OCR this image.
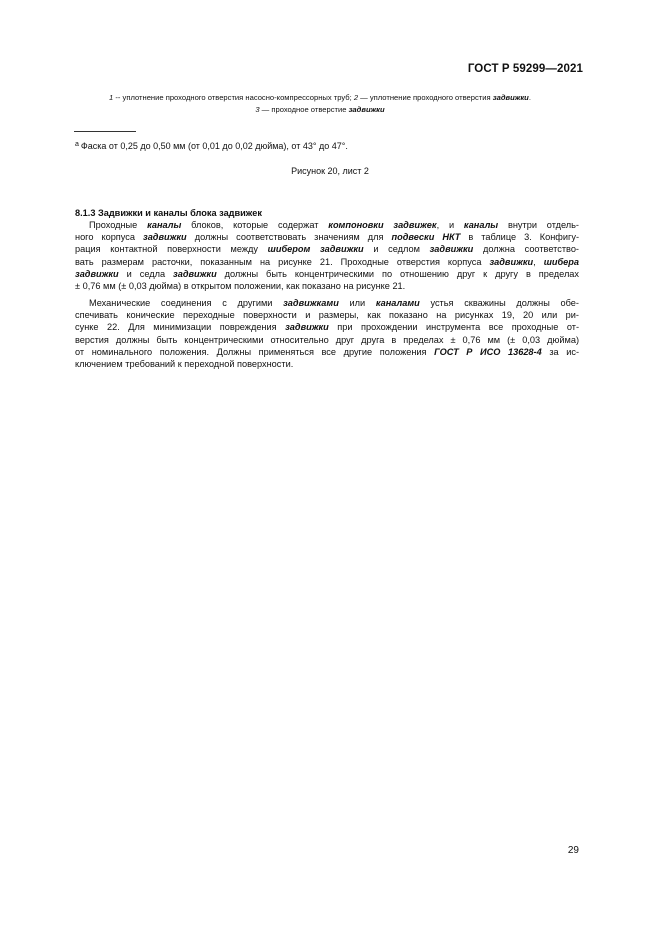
ГОСТ Р 59299—2021
1 -- уплотнение проходного отверстия насосно-компрессорных труб; 2 — уплотнение проходного отверстия задвижки.
3 — проходное отверстие задвижки
$^a$ Фаска от 0,25 до 0,50 мм (от 0,01 до 0,02 дюйма), от 43° до 47°.
Рисунок 20, лист 2
8.1.3 Задвижки и каналы блока задвижек
Проходные каналы блоков, которые содержат компоновки задвижек, и каналы внутри отдель-
ного корпуса задвижки должны соответствовать значениям для подвески НКТ в таблице 3. Конфигу-
рация контактной поверхности между шибером задвижки и седлом задвижки должна соответство-
вать размерам расточки, показанным на рисунке 21. Проходные отверстия корпуса задвижки, шибера
задвижки и седла задвижки должны быть концентрическими по отношению друг к другу в пределах
± 0,76 мм (± 0,03 дюйма) в открытом положении, как показано на рисунке 21.
Механические соединения с другими задвижками или каналами устья скважины должны обе-
спечивать конические переходные поверхности и размеры, как показано на рисунках 19, 20 или ри-
сунке 22. Для минимизации повреждения задвижки при прохождении инструмента все проходные от-
верстия должны быть концентрическими относительно друг друга в пределах ± 0,76 мм (± 0,03 дюйма)
от номинального положения. Должны применяться все другие положения ГОСТ Р ИСО 13628-4 за ис-
ключением требований к переходной поверхности.
29
